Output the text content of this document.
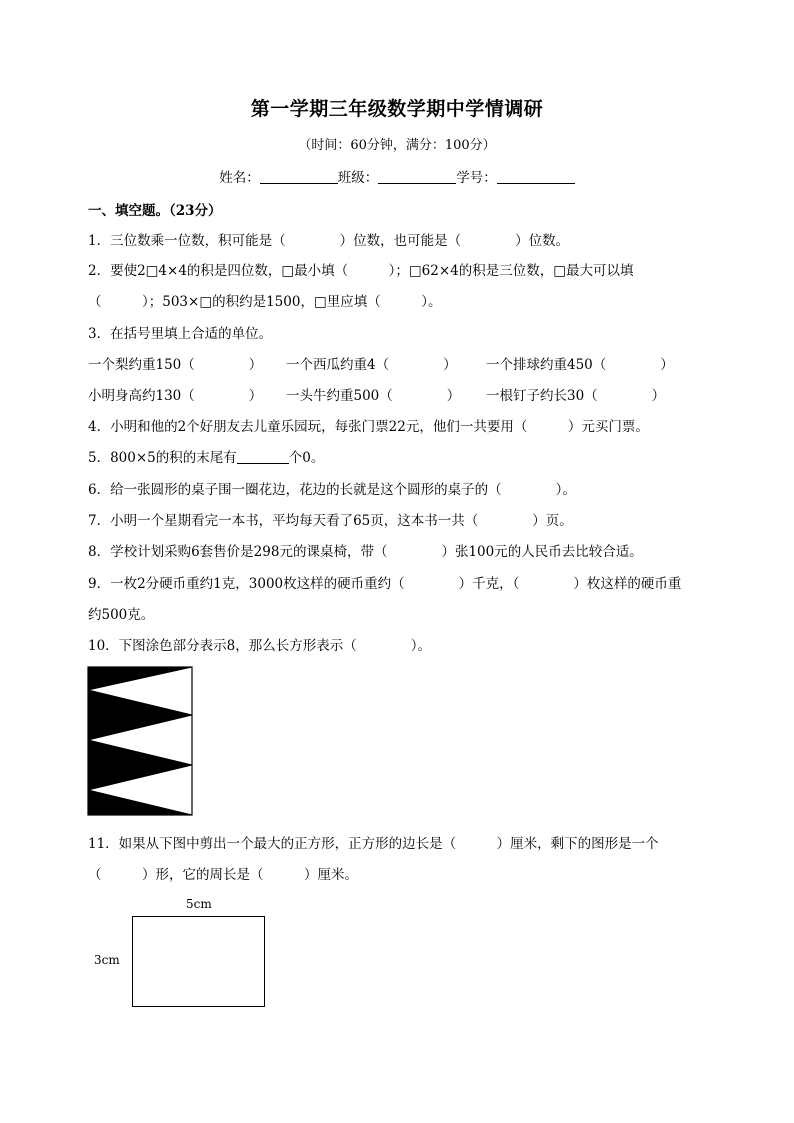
第一学期三年级数学期中学情调研
（时间：60分钟，满分：100分）
姓名：	班级：	学号：
一、填空题。（23分）
1．三位数乘一位数，积可能是（　　　　）位数，也可能是（　　　　）位数。
2．要使2□4×4的积是四位数，□最小填（　　　）；□62×4的积是三位数，□最大可以填
（　　　）；503×□的积约是1500，□里应填（　　　）。
3．在括号里填上合适的单位。
一个梨约重150（　　　　） 一个西瓜约重4（　　　　） 一个排球约重450（　　　　）
小明身高约130（　　　　） 一头牛约重500（　　　　） 一根钉子约长30（　　　　）
4．小明和他的2个好朋友去儿童乐园玩，每张门票22元，他们一共要用（　　　）元买门票。
5．800×5的积的末尾有	个0。
6．给一张圆形的桌子围一圈花边，花边的长就是这个圆形的桌子的（　　　　）。
7．小明一个星期看完一本书，平均每天看了65页，这本书一共（　　　　）页。
8．学校计划采购6套售价是298元的课桌椅，带（　　　　）张100元的人民币去比较合适。
9．一枚2分硬币重约1克，3000枚这样的硬币重约（　　　　）千克，（　　　　）枚这样的硬币重
约500克。
10．下图涂色部分表示8，那么长方形表示（　　　　）。
11．如果从下图中剪出一个最大的正方形，正方形的边长是（　　　）厘米，剩下的图形是一个
（　　　）形，它的周长是（　　　）厘米。
5cm
3cm
